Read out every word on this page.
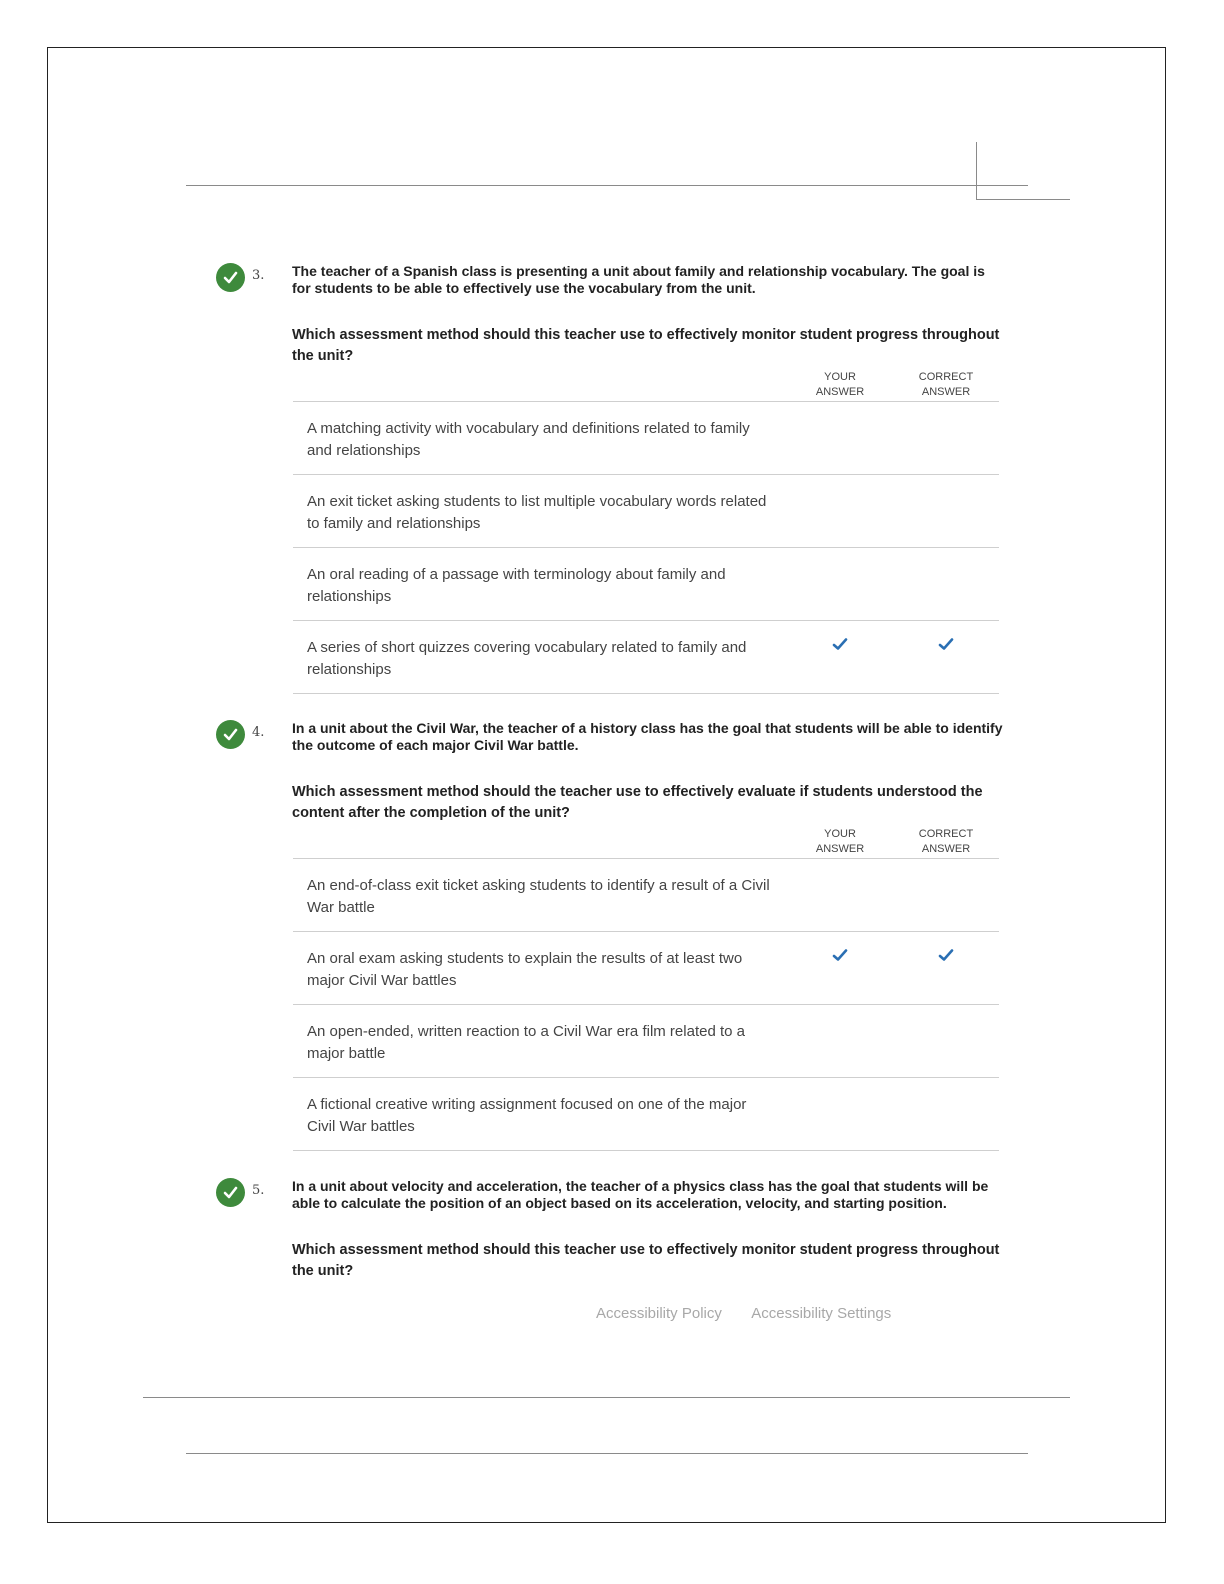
3. The teacher of a Spanish class is presenting a unit about family and relationship vocabulary. The goal is for students to be able to effectively use the vocabulary from the unit.
Which assessment method should this teacher use to effectively monitor student progress throughout the unit?
YOUR ANSWER
CORRECT ANSWER
A matching activity with vocabulary and definitions related to family and relationships
An exit ticket asking students to list multiple vocabulary words related to family and relationships
An oral reading of a passage with terminology about family and relationships
A series of short quizzes covering vocabulary related to family and relationships
4. In a unit about the Civil War, the teacher of a history class has the goal that students will be able to identify the outcome of each major Civil War battle.
Which assessment method should the teacher use to effectively evaluate if students understood the content after the completion of the unit?
YOUR ANSWER
CORRECT ANSWER
An end-of-class exit ticket asking students to identify a result of a Civil War battle
An oral exam asking students to explain the results of at least two major Civil War battles
An open-ended, written reaction to a Civil War era film related to a major battle
A fictional creative writing assignment focused on one of the major Civil War battles
5. In a unit about velocity and acceleration, the teacher of a physics class has the goal that students will be able to calculate the position of an object based on its acceleration, velocity, and starting position.
Which assessment method should this teacher use to effectively monitor student progress throughout the unit?
Accessibility Policy Accessibility Settings
